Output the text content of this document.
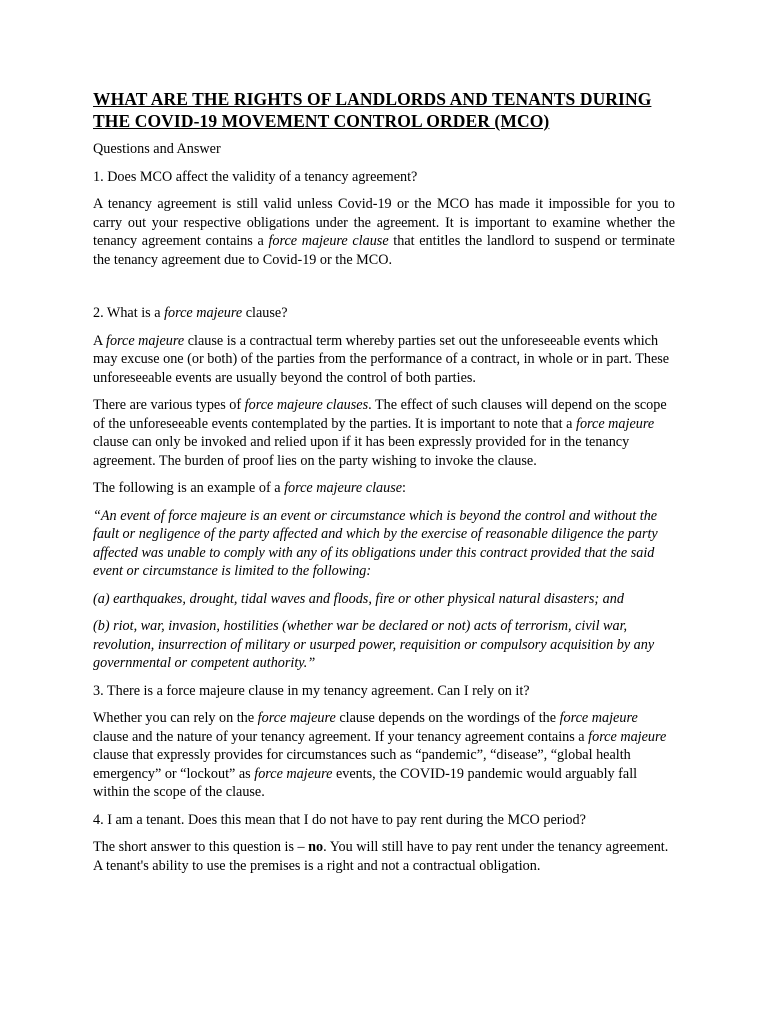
WHAT ARE THE RIGHTS OF LANDLORDS AND TENANTS DURING THE COVID-19 MOVEMENT CONTROL ORDER (MCO)

Questions and Answer

1. Does MCO affect the validity of a tenancy agreement?

A tenancy agreement is still valid unless Covid-19 or the MCO has made it impossible for you to carry out your respective obligations under the agreement. It is important to examine whether the tenancy agreement contains a force majeure clause that entitles the landlord to suspend or terminate the tenancy agreement due to Covid-19 or the MCO.

2. What is a force majeure clause?

A force majeure clause is a contractual term whereby parties set out the unforeseeable events which may excuse one (or both) of the parties from the performance of a contract, in whole or in part. These unforeseeable events are usually beyond the control of both parties.

There are various types of force majeure clauses. The effect of such clauses will depend on the scope of the unforeseeable events contemplated by the parties. It is important to note that a force majeure clause can only be invoked and relied upon if it has been expressly provided for in the tenancy agreement. The burden of proof lies on the party wishing to invoke the clause.

The following is an example of a force majeure clause:

“An event of force majeure is an event or circumstance which is beyond the control and without the fault or negligence of the party affected and which by the exercise of reasonable diligence the party affected was unable to comply with any of its obligations under this contract provided that the said event or circumstance is limited to the following:

(a) earthquakes, drought, tidal waves and floods, fire or other physical natural disasters; and

(b) riot, war, invasion, hostilities (whether war be declared or not) acts of terrorism, civil war, revolution, insurrection of military or usurped power, requisition or compulsory acquisition by any governmental or competent authority.”

3. There is a force majeure clause in my tenancy agreement. Can I rely on it?

Whether you can rely on the force majeure clause depends on the wordings of the force majeure clause and the nature of your tenancy agreement. If your tenancy agreement contains a force majeure clause that expressly provides for circumstances such as “pandemic”, “disease”, “global health emergency” or “lockout” as force majeure events, the COVID-19 pandemic would arguably fall within the scope of the clause.

4. I am a tenant. Does this mean that I do not have to pay rent during the MCO period?

The short answer to this question is – no. You will still have to pay rent under the tenancy agreement. A tenant's ability to use the premises is a right and not a contractual obligation.
